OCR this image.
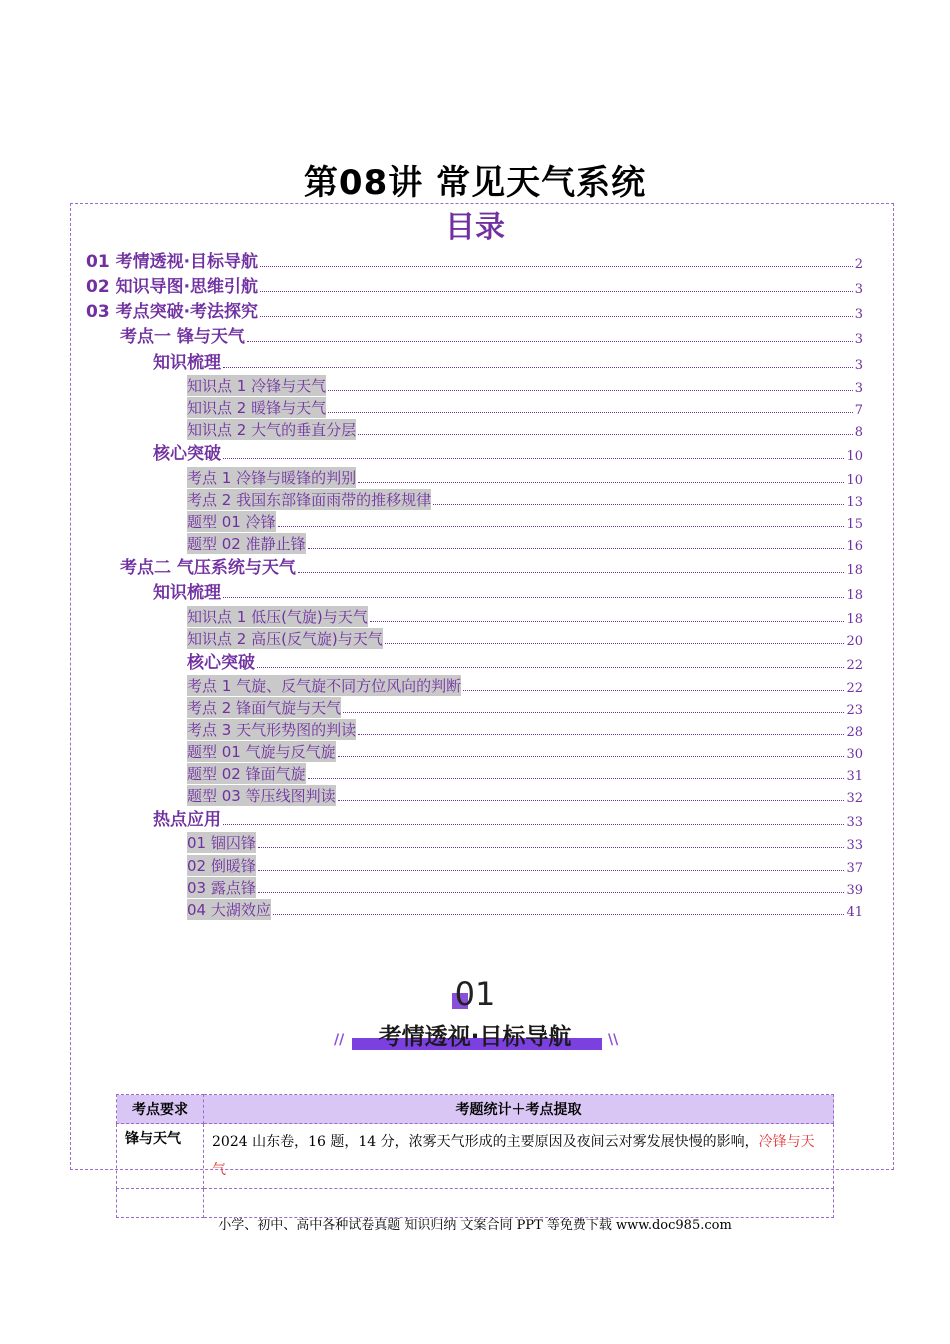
第08讲 常见天气系统
目录
01 考情透视·目标导航	2
02 知识导图·思维引航	3
03 考点突破·考法探究	3
考点一 锋与天气	3
知识梳理	3
知识点 1 冷锋与天气	3
知识点 2 暖锋与天气	7
知识点 2 大气的垂直分层	8
核心突破	10
考点 1 冷锋与暖锋的判别	10
考点 2 我国东部锋面雨带的推移规律	13
题型 01 冷锋	15
题型 02 准静止锋	16
考点二 气压系统与天气	18
知识梳理	18
知识点 1 低压(气旋)与天气	18
知识点 2 高压(反气旋)与天气	20
核心突破	22
考点 1 气旋、反气旋不同方位风向的判断	22
考点 2 锋面气旋与天气	23
考点 3 天气形势图的判读	28
题型 01 气旋与反气旋	30
题型 02 锋面气旋	31
题型 03 等压线图判读	32
热点应用	33
01 锢囚锋	33
02 倒暖锋	37
03 露点锋	39
04 大湖效应	41
01
//	\\
考情透视·目标导航
考点要求	考题统计＋考点提取
锋与天气	2024 山东卷，16 题，14 分，浓雾天气形成的主要原因及夜间云对雾发展快慢的影响，冷锋与天气

小学、初中、高中各种试卷真题 知识归纳 文案合同 PPT 等免费下载 www.doc985.com
